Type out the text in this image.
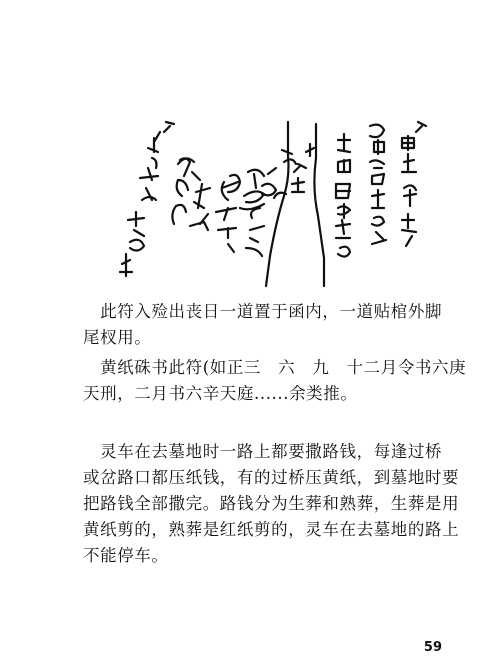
　此符入殓出丧日一道置于函内，一道贴棺外脚
尾杈用。
　黄纸硃书此符(如正三　六　九　十二月令书六庚
天刑，二月书六辛天庭......余类推。
　灵车在去墓地时一路上都要撒路钱，每逢过桥
或岔路口都压纸钱，有的过桥压黄纸，到墓地时要
把路钱全部撒完。路钱分为生葬和熟葬，生葬是用
黄纸剪的，熟葬是红纸剪的，灵车在去墓地的路上
不能停车。
59
